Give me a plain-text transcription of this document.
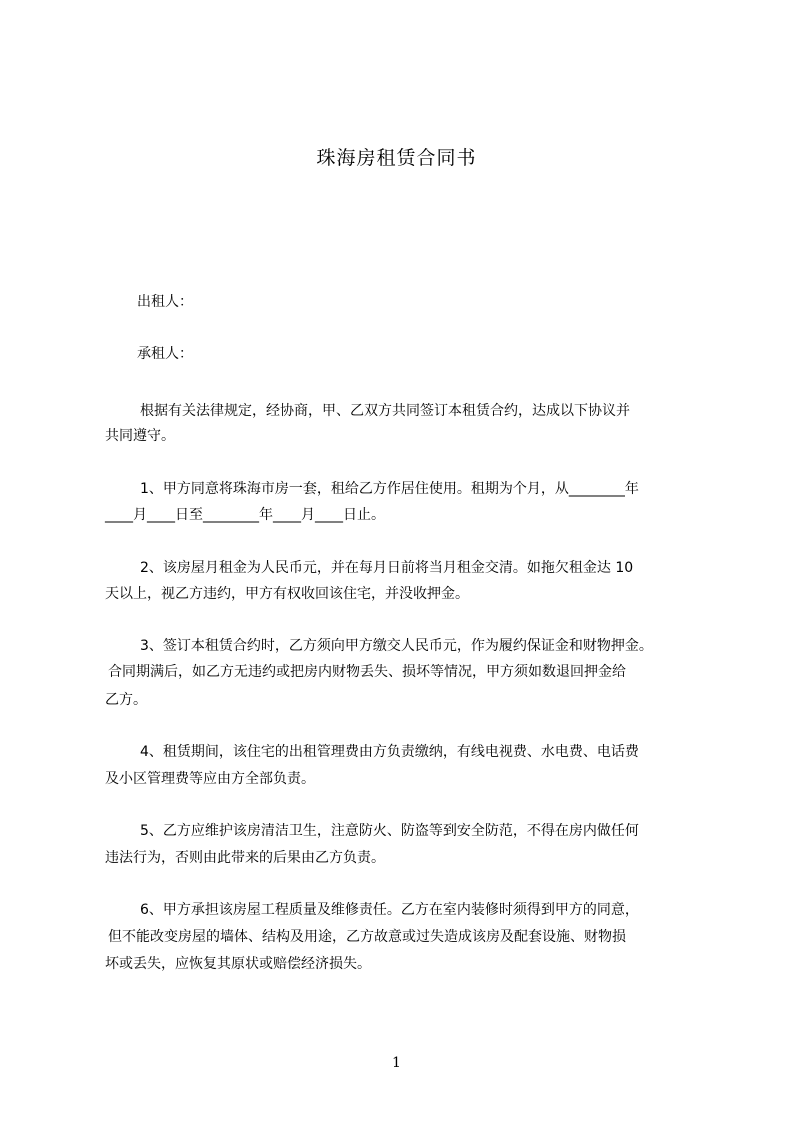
珠海房租赁合同书
出租人：
承租人：
根据有关法律规定，经协商，甲、乙双方共同签订本租赁合约，达成以下协议并
共同遵守。
1、甲方同意将珠海市房一套，租给乙方作居住使用。租期为个月，从________年
____月____日至________年____月____日止。
2、该房屋月租金为人民币元，并在每月日前将当月租金交清。如拖欠租金达 10
天以上，视乙方违约，甲方有权收回该住宅，并没收押金。
3、签订本租赁合约时，乙方须向甲方缴交人民币元，作为履约保证金和财物押金。
合同期满后，如乙方无违约或把房内财物丢失、损坏等情况，甲方须如数退回押金给
乙方。
4、租赁期间，该住宅的出租管理费由方负责缴纳，有线电视费、水电费、电话费
及小区管理费等应由方全部负责。
5、乙方应维护该房清洁卫生，注意防火、防盗等到安全防范，不得在房内做任何
违法行为，否则由此带来的后果由乙方负责。
6、甲方承担该房屋工程质量及维修责任。乙方在室内装修时须得到甲方的同意，
但不能改变房屋的墙体、结构及用途，乙方故意或过失造成该房及配套设施、财物损
坏或丢失，应恢复其原状或赔偿经济损失。
1
